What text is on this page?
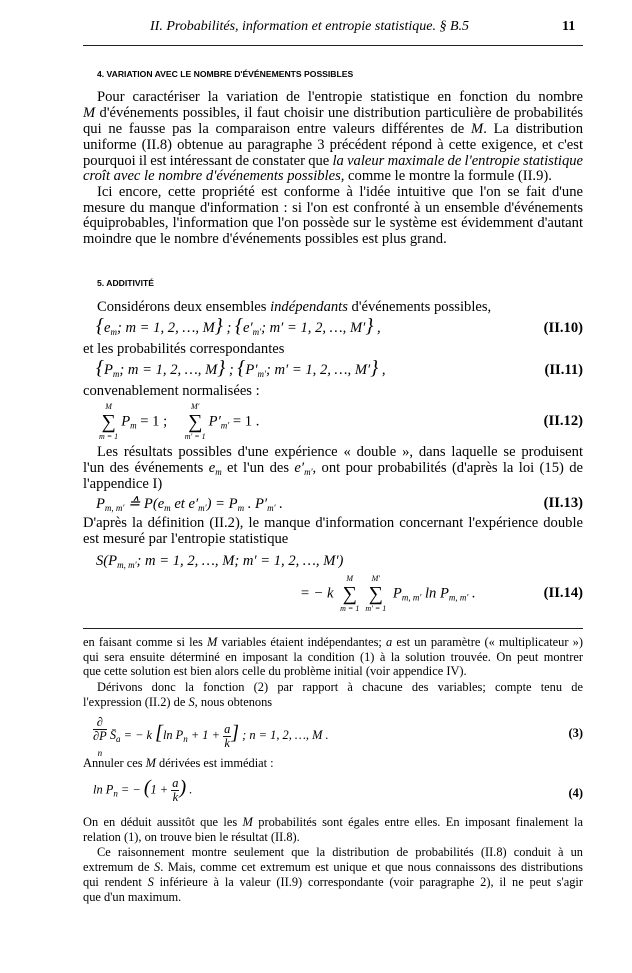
II. Probabilités, information et entropie statistique. § B.5	11
4. VARIATION AVEC LE NOMBRE D'ÉVÉNEMENTS POSSIBLES
Pour caractériser la variation de l'entropie statistique en fonction du nombre
M d'événements possibles, il faut choisir une distribution particulière de probabilités
qui ne fausse pas la comparaison entre valeurs différentes de M. La distribution
uniforme (II.8) obtenue au paragraphe 3 précédent répond à cette exigence, et c'est
pourquoi il est intéressant de constater que la valeur maximale de l'entropie statistique
croît avec le nombre d'événements possibles, comme le montre la formule (II.9).
Ici encore, cette propriété est conforme à l'idée intuitive que l'on se fait d'une
mesure du manque d'information : si l'on est confronté à un ensemble d'événements
équiprobables, l'information que l'on possède sur le système est évidemment d'autant
moindre que le nombre d'événements possibles est plus grand.
5. ADDITIVITÉ
Considérons deux ensembles indépendants d'événements possibles,
{$e_m$; m = 1, 2, …, M} ; {$e'_{m'}$; m′ = 1, 2, …, M′} ,	(II.10)
et les probabilités correspondantes
{$P_m$; m = 1, 2, …, M} ; {$P'_{m'}$; m′ = 1, 2, …, M′} ,	(II.11)
convenablement normalisées :
M
∑
m = 1
$P_m = 1$ ;
M′
∑
m′ = 1
$P'_{m'} = 1$ .	(II.12)
Les résultats possibles d'une expérience « double », dans laquelle se produisent
l'un des événements $e_m$ et l'un des $e'_{m'}$, ont pour probabilités (d'après la loi (15) de
l'appendice I)
$P_{m, m'}$ ≙ $P(e_m$ et $e'_{m'}) = P_m$ . $P'_{m'}$ .	(II.13)
D'après la définition (II.2), le manque d'information concernant l'expérience double
est mesuré par l'entropie statistique
$S(P_{m, m'}$; m = 1, 2, …, M; m′ = 1, 2, …, M′)
= − k
M
∑
m = 1
M′
∑
m′ = 1
$P_{m, m'}$ $\ln P_{m, m'}$ .	(II.14)
en faisant comme si les M variables étaient indépendantes; a est un paramètre (« multiplicateur »)
qui sera ensuite déterminé en imposant la condition (1) à la solution trouvée. On peut montrer
que cette solution est bien alors celle du problème initial (voir appendice IV).
Dérivons donc la fonction (2) par rapport à chacune des variables; compte tenu de
l'expression (II.2) de S, nous obtenons
∂
∂P
$_n$ $S̄_a$ = − k [ln $P_n + 1 + \frac{a}{k}$ ] ; n = 1, 2, …, M .	(3)
Annuler ces M dérivées est immédiat :
$\ln P_n$ = − ($1 + \frac{a}{k}$ ) .	(4)
On en déduit aussitôt que les M probabilités sont égales entre elles. En imposant finalement la
relation (1), on trouve bien le résultat (II.8).
Ce raisonnement montre seulement que la distribution de probabilités (II.8) conduit à un
extremum de S. Mais, comme cet extremum est unique et que nous connaissons des distributions
qui rendent S inférieure à la valeur (II.9) correspondante (voir paragraphe 2), il ne peut s'agir
que d'un maximum.
